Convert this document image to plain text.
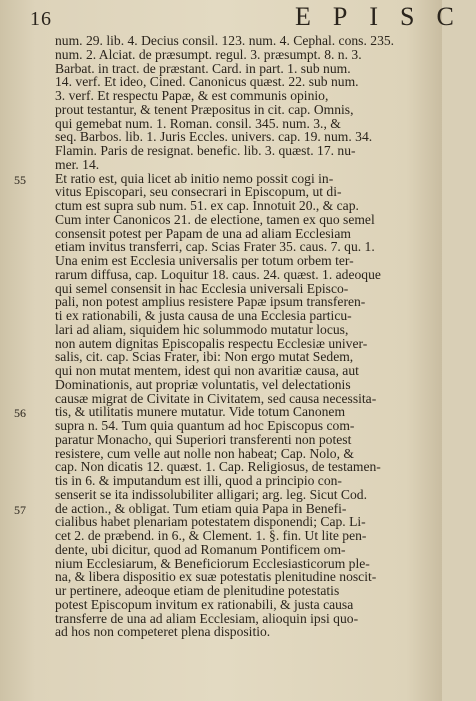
16	EPISC
55
56
57
num. 29. lib. 4. Decius consil. 123. num. 4. Cephal. cons. 235.
num. 2. Alciat. de præsumpt. regul. 3. præsumpt. 8. n. 3.
Barbat. in tract. de præstant. Card. in part. 1. sub num.
14. verf. Et ideo, Cined. Canonicus quæst. 22. sub num.
3. verf. Et respectu Papæ, & est communis opinio,
prout testantur, & tenent Præpositus in cit. cap. Omnis,
qui gemebat num. 1. Roman. consil. 345. num. 3., &
seq. Barbos. lib. 1. Juris Eccles. univers. cap. 19. num. 34.
Flamin. Paris de resignat. benefic. lib. 3. quæst. 17. nu-
mer. 14.
Et ratio est, quia licet ab initio nemo possit cogi in-
vitus Episcopari, seu consecrari in Episcopum, ut di-
ctum est supra sub num. 51. ex cap. Innotuit 20., & cap.
Cum inter Canonicos 21. de electione, tamen ex quo semel
consensit potest per Papam de una ad aliam Ecclesiam
etiam invitus transferri, cap. Scias Frater 35. caus. 7. qu. 1.
Una enim est Ecclesia universalis per totum orbem ter-
rarum diffusa, cap. Loquitur 18. caus. 24. quæst. 1. adeoque
qui semel consensit in hac Ecclesia universali Episco-
pali, non potest amplius resistere Papæ ipsum transferen-
ti ex rationabili, & justa causa de una Ecclesia particu-
lari ad aliam, siquidem hic solummodo mutatur locus,
non autem dignitas Episcopalis respectu Ecclesiæ univer-
salis, cit. cap. Scias Frater, ibi: Non ergo mutat Sedem,
qui non mutat mentem, idest qui non avaritiæ causa, aut
Dominationis, aut propriæ voluntatis, vel delectationis
causæ migrat de Civitate in Civitatem, sed causa necessita-
tis, & utilitatis munere mutatur. Vide totum Canonem
supra n. 54. Tum quia quantum ad hoc Episcopus com-
paratur Monacho, qui Superiori transferenti non potest
resistere, cum velle aut nolle non habeat; Cap. Nolo, &
cap. Non dicatis 12. quæst. 1. Cap. Religiosus, de testamen-
tis in 6. & imputandum est illi, quod a principio con-
senserit se ita indissolubiliter alligari; arg. leg. Sicut Cod.
de action., & obligat. Tum etiam quia Papa in Benefi-
cialibus habet plenariam potestatem disponendi; Cap. Li-
cet 2. de præbend. in 6., & Clement. 1. §. fin. Ut lite pen-
dente, ubi dicitur, quod ad Romanum Pontificem om-
nium Ecclesiarum, & Beneficiorum Ecclesiasticorum ple-
na, & libera dispositio ex suæ potestatis plenitudine noscit-
ur pertinere, adeoque etiam de plenitudine potestatis
potest Episcopum invitum ex rationabili, & justa causa
transferre de una ad aliam Ecclesiam, alioquin ipsi quo-
ad hos non competeret plena dispositio.
